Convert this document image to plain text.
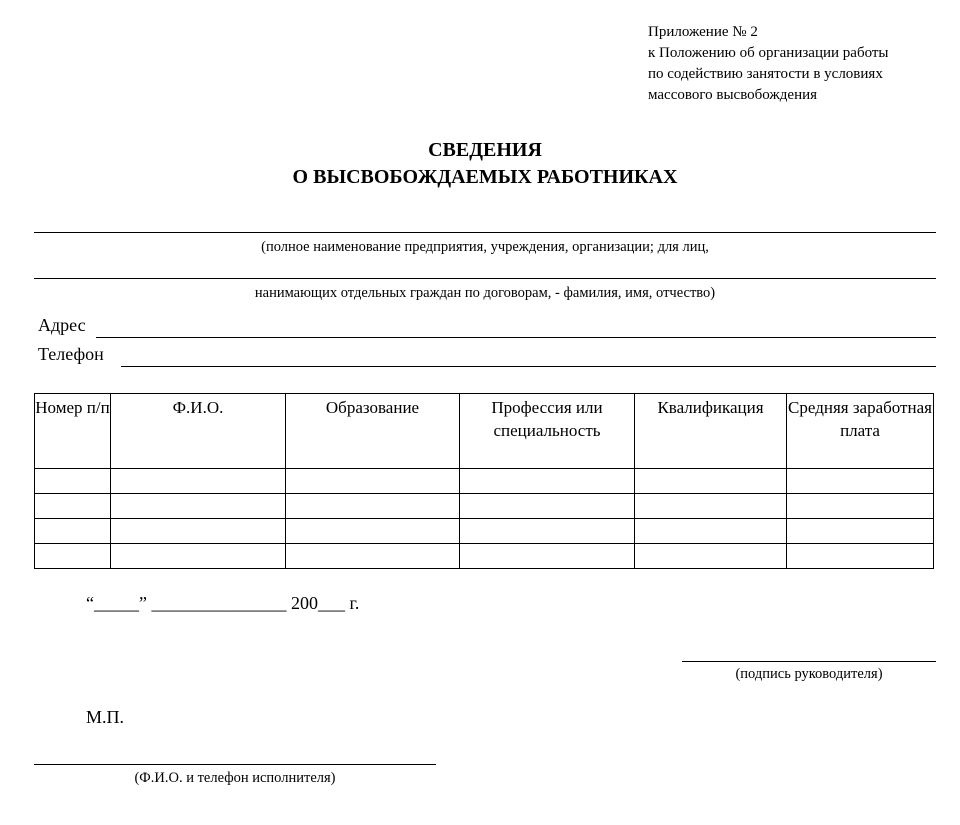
Приложение № 2
к Положению об организации работы
по содействию занятости в условиях
массового высвобождения
СВЕДЕНИЯ
О ВЫСВОБОЖДАЕМЫХ РАБОТНИКАХ
(полное наименование предприятия, учреждения, организации; для лиц,
нанимающих отдельных граждан по договорам, - фамилия, имя, отчество)
Адрес
Телефон
Номер п/п	Ф.И.О.	Образование	Профессия или специальность	Квалификация	Средняя заработная плата

“_____” _______________ 200___ г.
(подпись руководителя)
М.П.
(Ф.И.О. и телефон исполнителя)
